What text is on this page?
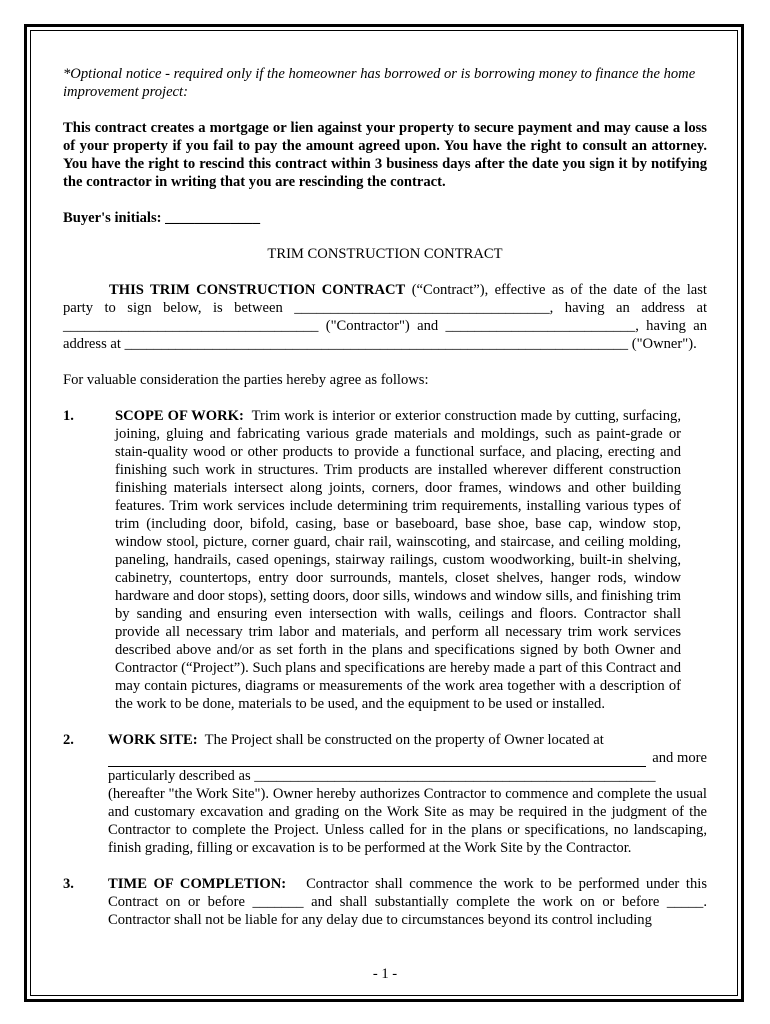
*Optional notice - required only if the homeowner has borrowed or is borrowing money to finance the home improvement project:

This contract creates a mortgage or lien against your property to secure payment and may cause a loss of your property if you fail to pay the amount agreed upon. You have the right to consult an attorney. You have the right to rescind this contract within 3 business days after the date you sign it by notifying the contractor in writing that you are rescinding the contract.

Buyer's initials: _____________

TRIM CONSTRUCTION CONTRACT

THIS TRIM CONSTRUCTION CONTRACT (“Contract”), effective as of the date of the last party to sign below, is between ___________________________________, having an address at ___________________________________ ("Contractor") and __________________________, having an address at _____________________________________________________________________ ("Owner").

For valuable consideration the parties hereby agree as follows:

1.	SCOPE OF WORK: Trim work is interior or exterior construction made by cutting, surfacing, joining, gluing and fabricating various grade materials and moldings, such as paint-grade or stain-quality wood or other products to provide a functional surface, and placing, erecting and finishing such work in structures. Trim products are installed wherever different construction finishing materials intersect along joints, corners, door frames, windows and other building features. Trim work services include determining trim requirements, installing various types of trim (including door, bifold, casing, base or baseboard, base shoe, base cap, window stop, window stool, picture, corner guard, chair rail, wainscoting, and staircase, and ceiling molding, paneling, handrails, cased openings, stairway railings, custom woodworking, built-in shelving, cabinetry, countertops, entry door surrounds, mantels, closet shelves, hanger rods, window hardware and door stops), setting doors, door sills, windows and window sills, and finishing trim by sanding and ensuring even intersection with walls, ceilings and floors. Contractor shall provide all necessary trim labor and materials, and perform all necessary trim work services described above and/or as set forth in the plans and specifications signed by both Owner and Contractor (“Project”). Such plans and specifications are hereby made a part of this Contract and may contain pictures, diagrams or measurements of the work area together with a description of the work to be done, materials to be used, and the equipment to be used or installed.
2. WORK SITE: The Project shall be constructed on the property of Owner located at
and more
particularly described as _______________________________________________________
(hereafter "the Work Site"). Owner hereby authorizes Contractor to commence and complete the usual and customary excavation and grading on the Work Site as may be required in the judgment of the Contractor to complete the Project. Unless called for in the plans or specifications, no landscaping, finish grading, filling or excavation is to be performed at the Work Site by the Contractor.
3. TIME OF COMPLETION: Contractor shall commence the work to be performed under this Contract on or before _______ and shall substantially complete the work on or before _____. Contractor shall not be liable for any delay due to circumstances beyond its control including
- 1 -
